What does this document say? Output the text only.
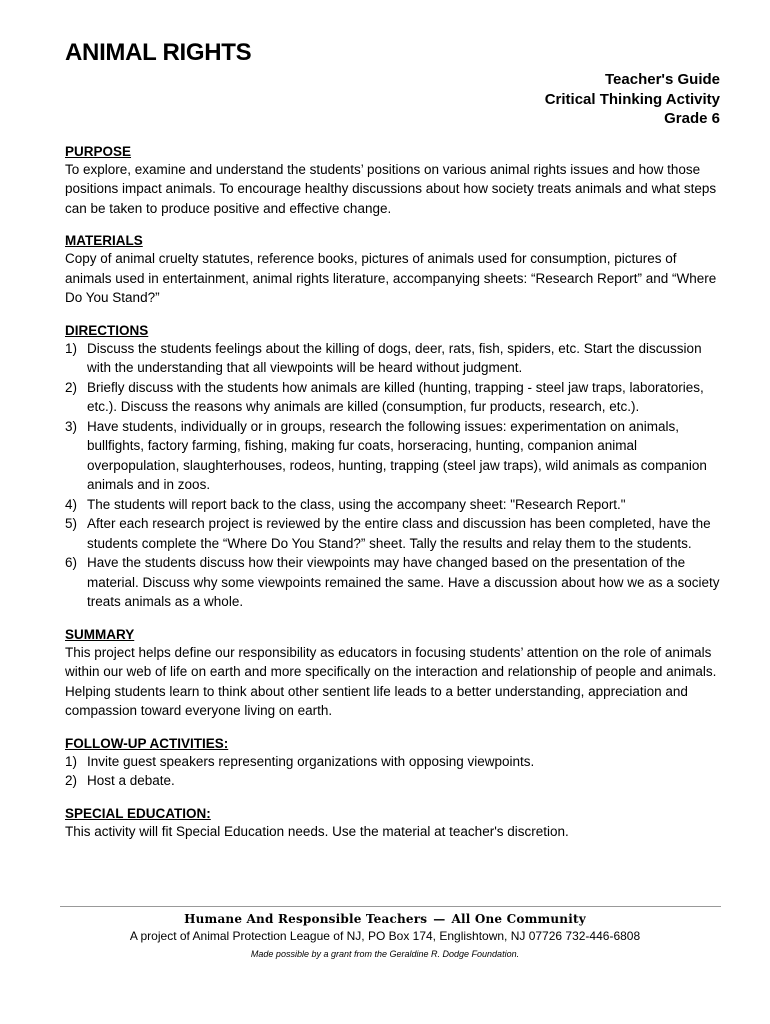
ANIMAL RIGHTS
Teacher's Guide
Critical Thinking Activity
Grade 6
PURPOSE
To explore, examine and understand the students’ positions on various animal rights issues and how those positions impact animals. To encourage healthy discussions about how society treats animals and what steps can be taken to produce positive and effective change.
MATERIALS
Copy of animal cruelty statutes, reference books, pictures of animals used for consumption, pictures of animals used in entertainment, animal rights literature, accompanying sheets: “Research Report” and “Where Do You Stand?”
DIRECTIONS
1) Discuss the students feelings about the killing of dogs, deer, rats, fish, spiders, etc. Start the discussion with the understanding that all viewpoints will be heard without judgment.
2) Briefly discuss with the students how animals are killed (hunting, trapping - steel jaw traps, laboratories, etc.). Discuss the reasons why animals are killed (consumption, fur products, research, etc.).
3) Have students, individually or in groups, research the following issues: experimentation on animals, bullfights, factory farming, fishing, making fur coats, horseracing, hunting, companion animal overpopulation, slaughterhouses, rodeos, hunting, trapping (steel jaw traps), wild animals as companion animals and in zoos.
4) The students will report back to the class, using the accompany sheet: "Research Report."
5) After each research project is reviewed by the entire class and discussion has been completed, have the students complete the “Where Do You Stand?” sheet. Tally the results and relay them to the students.
6) Have the students discuss how their viewpoints may have changed based on the presentation of the material. Discuss why some viewpoints remained the same. Have a discussion about how we as a society treats animals as a whole.
SUMMARY
This project helps define our responsibility as educators in focusing students’ attention on the role of animals within our web of life on earth and more specifically on the interaction and relationship of people and animals. Helping students learn to think about other sentient life leads to a better understanding, appreciation and compassion toward everyone living on earth.
FOLLOW-UP ACTIVITIES:
1) Invite guest speakers representing organizations with opposing viewpoints.
2) Host a debate.
SPECIAL EDUCATION:
This activity will fit Special Education needs. Use the material at teacher's discretion.
Humane And Responsible Teachers — All One Community
A project of Animal Protection League of NJ, PO Box 174, Englishtown, NJ 07726 732-446-6808
Made possible by a grant from the Geraldine R. Dodge Foundation.
